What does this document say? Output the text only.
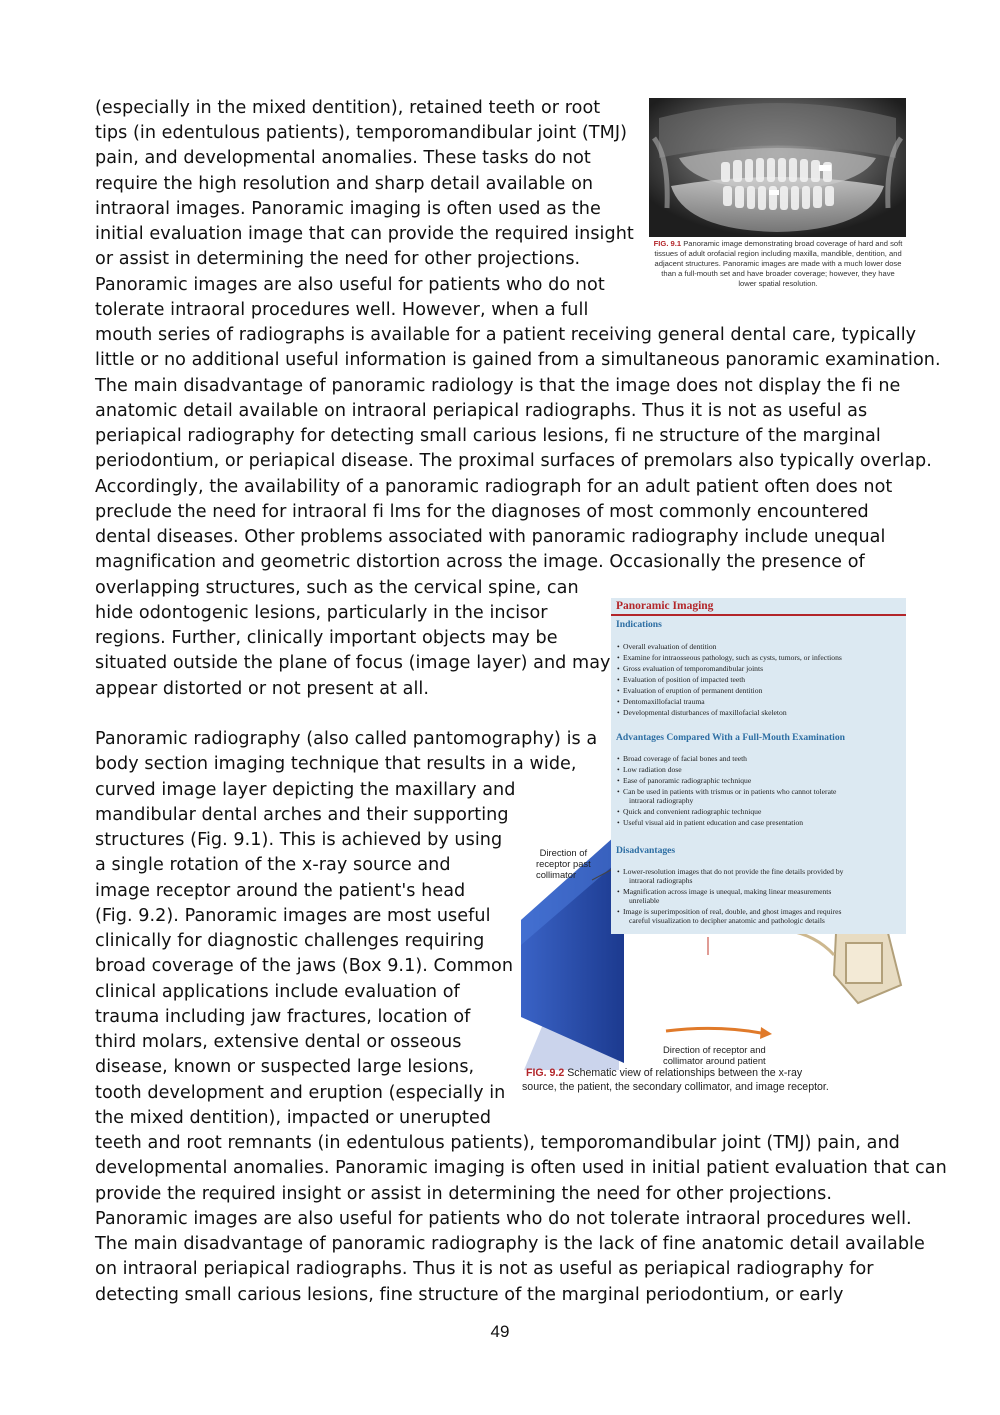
(especially in the mixed dentition), retained teeth or root
tips (in edentulous patients), temporomandibular joint (TMJ)
pain, and developmental anomalies. These tasks do not
require the high resolution and sharp detail available on
intraoral images. Panoramic imaging is often used as the
initial evaluation image that can provide the required insight
or assist in determining the need for other projections.
Panoramic images are also useful for patients who do not
tolerate intraoral procedures well. However, when a full
mouth series of radiographs is available for a patient receiving general dental care, typically
little or no additional useful information is gained from a simultaneous panoramic examination.
The main disadvantage of panoramic radiology is that the image does not display the fi ne
anatomic detail available on intraoral periapical radiographs. Thus it is not as useful as
periapical radiography for detecting small carious lesions, fi ne structure of the marginal
periodontium, or periapical disease. The proximal surfaces of premolars also typically overlap.
Accordingly, the availability of a panoramic radiograph for an adult patient often does not
preclude the need for intraoral fi lms for the diagnoses of most commonly encountered
dental diseases. Other problems associated with panoramic radiography include unequal
magnification and geometric distortion across the image. Occasionally the presence of
overlapping structures, such as the cervical spine, can
hide odontogenic lesions, particularly in the incisor
regions. Further, clinically important objects may be
situated outside the plane of focus (image layer) and may
appear distorted or not present at all.
Panoramic radiography (also called pantomography) is a
body section imaging technique that results in a wide,
curved image layer depicting the maxillary and
mandibular dental arches and their supporting
structures (Fig. 9.1). This is achieved by using
a single rotation of the x-ray source and
image receptor around the patient's head
(Fig. 9.2). Panoramic images are most useful
clinically for diagnostic challenges requiring
broad coverage of the jaws (Box 9.1). Common
clinical applications include evaluation of
trauma including jaw fractures, location of
third molars, extensive dental or osseous
disease, known or suspected large lesions,
tooth development and eruption (especially in
the mixed dentition), impacted or unerupted
teeth and root remnants (in edentulous patients), temporomandibular joint (TMJ) pain, and
developmental anomalies. Panoramic imaging is often used in initial patient evaluation that can
provide the required insight or assist in determining the need for other projections.
Panoramic images are also useful for patients who do not tolerate intraoral procedures well.
The main disadvantage of panoramic radiography is the lack of fine anatomic detail available
on intraoral periapical radiographs. Thus it is not as useful as periapical radiography for
detecting small carious lesions, fine structure of the marginal periodontium, or early
FIG. 9.1 Panoramic image demonstrating broad coverage of hard and soft tissues of adult orofacial region including maxilla, mandible, dentition, and adjacent structures. Panoramic images are made with a much lower dose than a full-mouth set and have broader coverage; however, they have lower spatial resolution.
Direction of
receptor past
collimator
Direction of receptor and
collimator around patient
FIG. 9.2 Schematic view of relationships between the x-ray
source, the patient, the secondary collimator, and image receptor.
Panoramic Imaging
Indications
• Overall evaluation of dentition
• Examine for intraosseous pathology, such as cysts, tumors, or infections
• Gross evaluation of temporomandibular joints
• Evaluation of position of impacted teeth
• Evaluation of eruption of permanent dentition
• Dentomaxillofacial trauma
• Developmental disturbances of maxillofacial skeleton
Advantages Compared With a Full-Mouth Examination
• Broad coverage of facial bones and teeth
• Low radiation dose
• Ease of panoramic radiographic technique
• Can be used in patients with trismus or in patients who cannot tolerate
intraoral radiography
• Quick and convenient radiographic technique
• Useful visual aid in patient education and case presentation
Disadvantages
• Lower-resolution images that do not provide the fine details provided by
intraoral radiographs
• Magnification across image is unequal, making linear measurements
unreliable
• Image is superimposition of real, double, and ghost images and requires
careful visualization to decipher anatomic and pathologic details
49
